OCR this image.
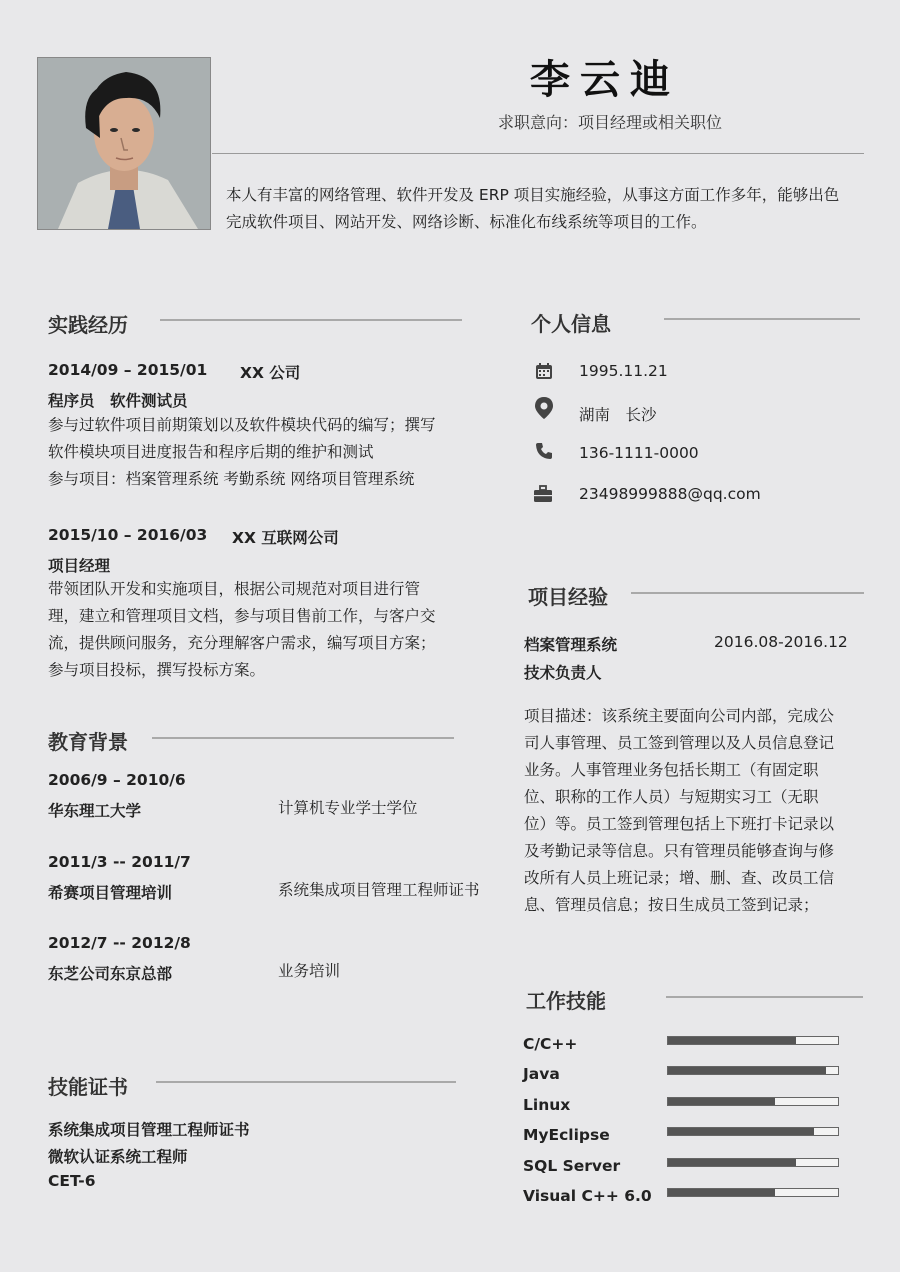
李云迪
求职意向：项目经理或相关职位
本人有丰富的网络管理、软件开发及 ERP 项目实施经验，从事这方面工作多年，能够出色完成软件项目、网站开发、网络诊断、标准化布线系统等项目的工作。
实践经历
2014/09 – 2015/01 XX 公司
程序员　软件测试员
参与过软件项目前期策划以及软件模块代码的编写；撰写
软件模块项目进度报告和程序后期的维护和测试
参与项目：档案管理系统 考勤系统 网络项目管理系统
2015/10 – 2016/03 XX 互联网公司
项目经理
带领团队开发和实施项目，根据公司规范对项目进行管
理，建立和管理项目文档，参与项目售前工作，与客户交
流，提供顾问服务，充分理解客户需求，编写项目方案；
参与项目投标，撰写投标方案。
教育背景
2006/9 – 2010/6
华东理工大学	计算机专业学士学位
2011/3 -- 2011/7
希赛项目管理培训	系统集成项目管理工程师证书
2012/7 -- 2012/8
东芝公司东京总部	业务培训
技能证书
系统集成项目管理工程师证书
微软认证系统工程师
CET-6
个人信息
1995.11.21
湖南　长沙
136-1111-0000
23498999888@qq.com
项目经验
档案管理系统	2016.08-2016.12
技术负责人
项目描述：该系统主要面向公司内部，完成公
司人事管理、员工签到管理以及人员信息登记
业务。人事管理业务包括长期工（有固定职
位、职称的工作人员）与短期实习工（无职
位）等。员工签到管理包括上下班打卡记录以
及考勤记录等信息。只有管理员能够查询与修
改所有人员上班记录；增、删、查、改员工信
息、管理员信息；按日生成员工签到记录；
工作技能
C/C++
Java
Linux
MyEclipse
SQL Server
Visual C++ 6.0
